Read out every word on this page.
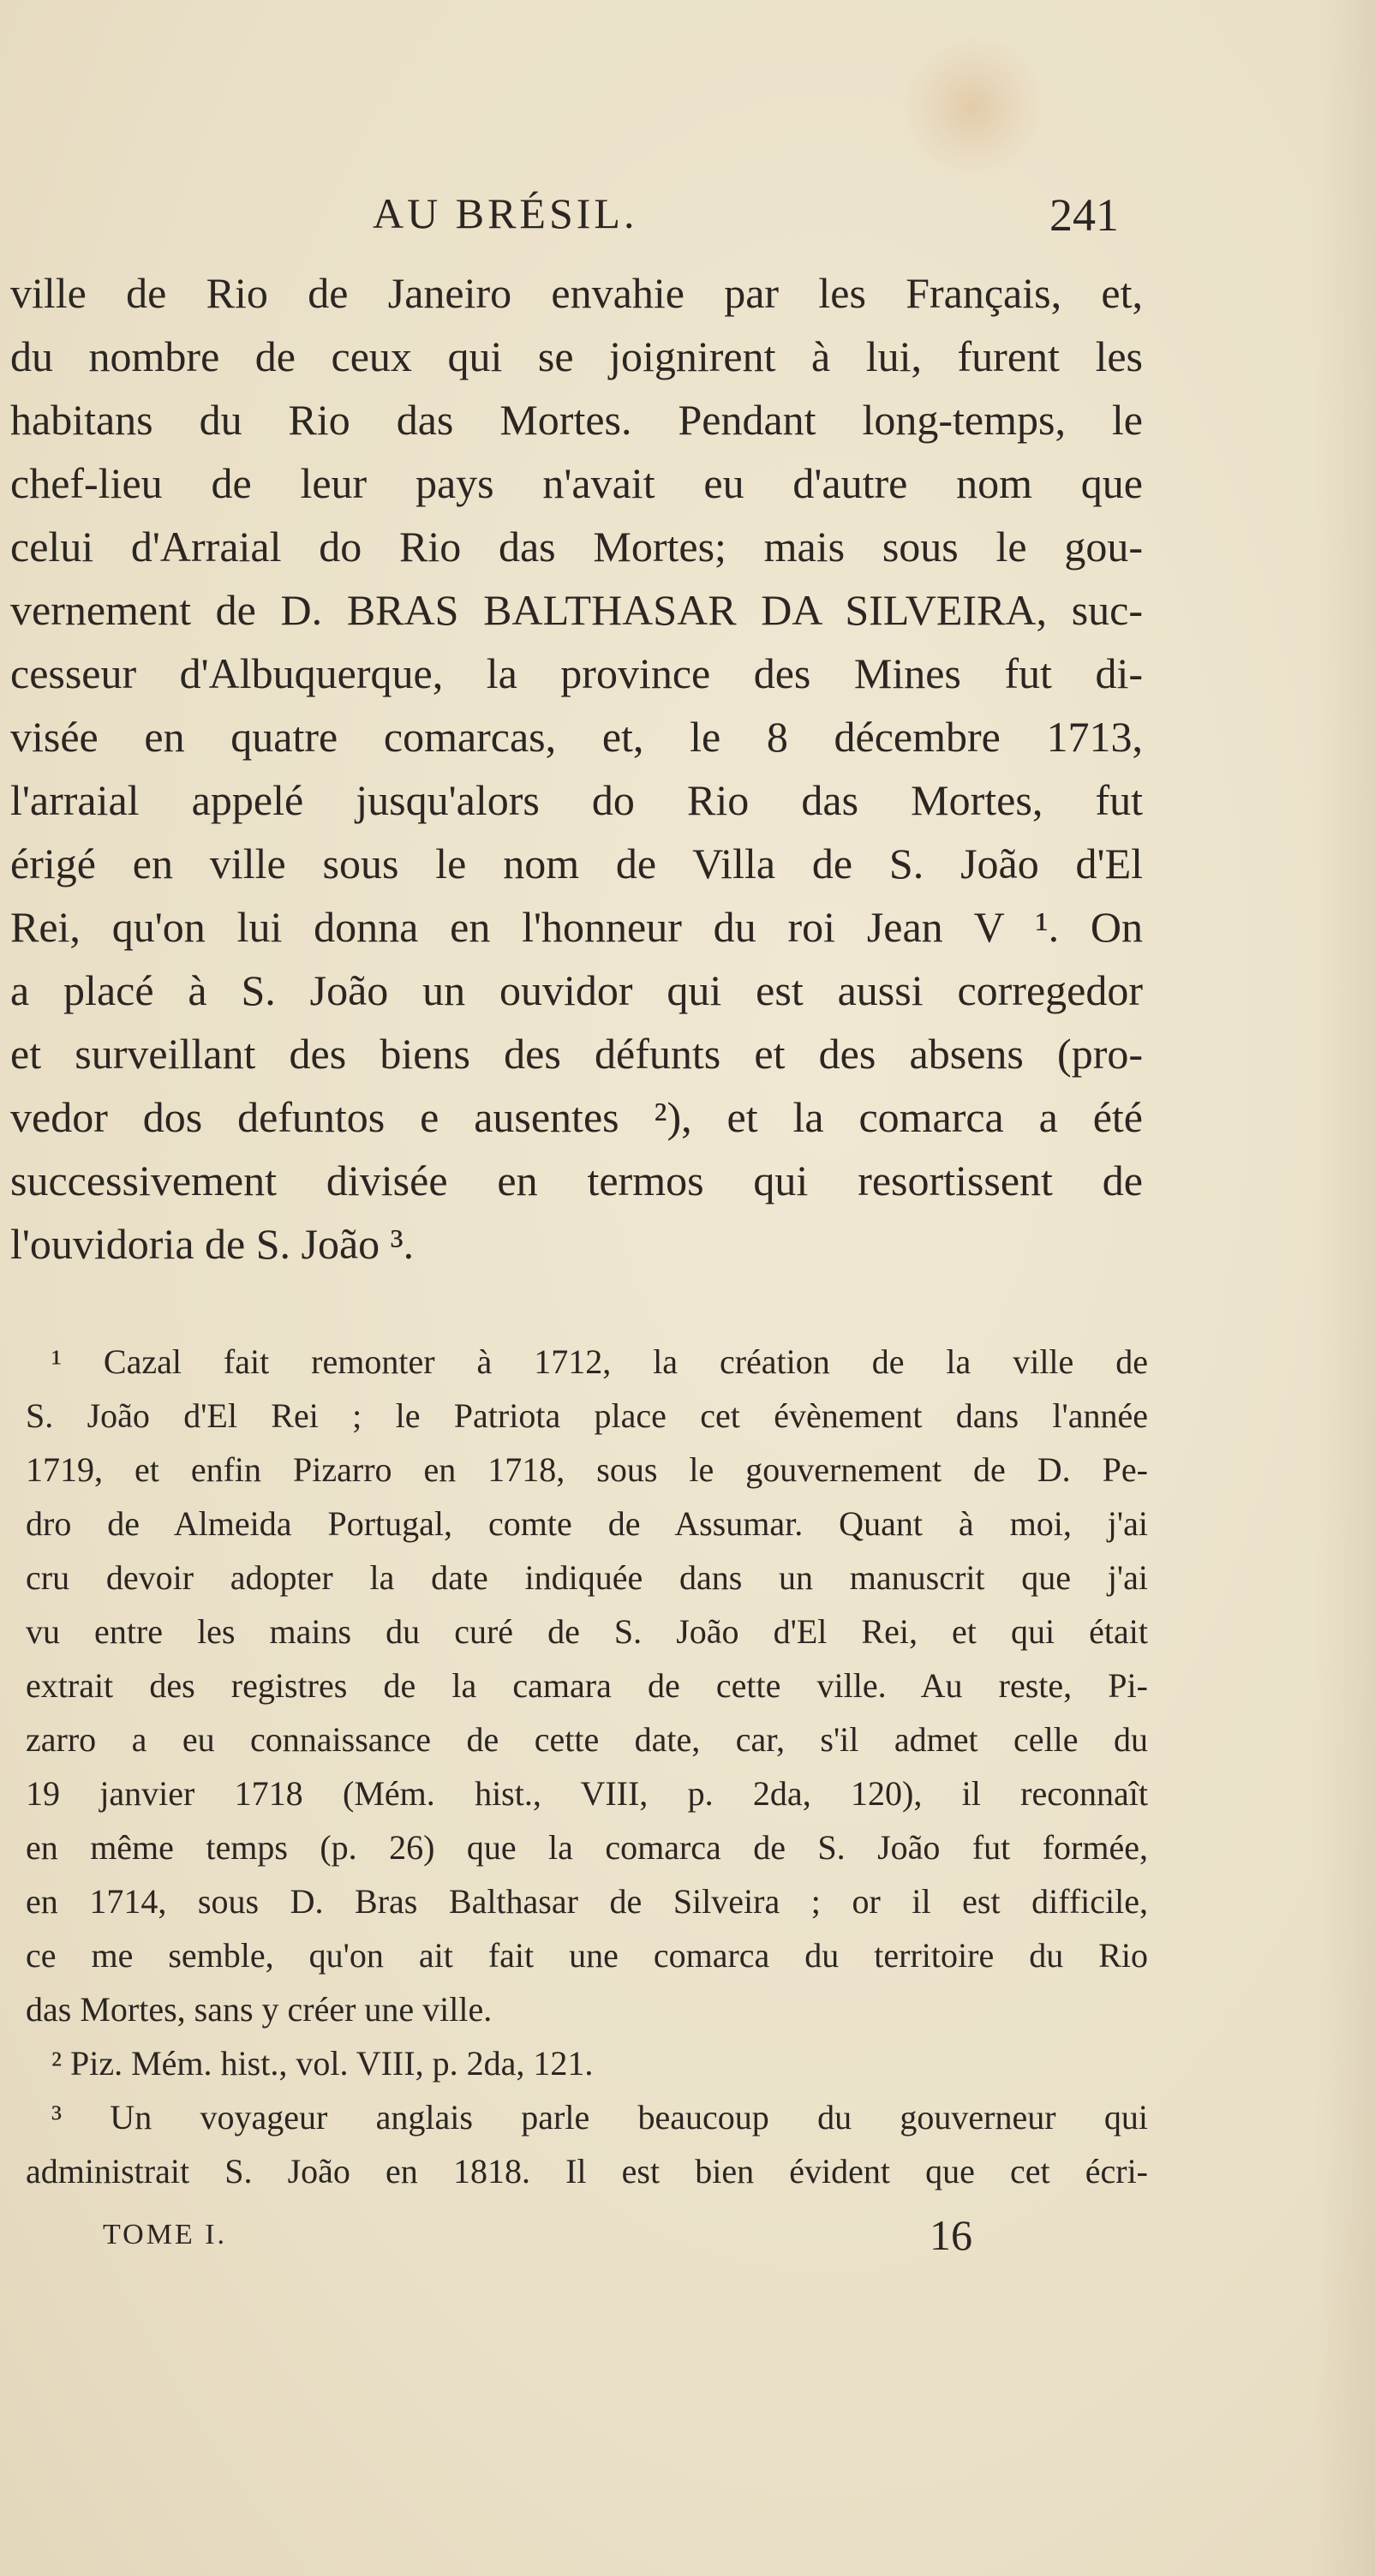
AU BRÉSIL.	241
ville de Rio de Janeiro envahie par les Français, et,
du nombre de ceux qui se joignirent à lui, furent les
habitans du Rio das Mortes. Pendant long-temps, le
chef-lieu de leur pays n'avait eu d'autre nom que
celui d'Arraial do Rio das Mortes; mais sous le gou-
vernement de D. BRAS BALTHASAR DA SILVEIRA, suc-
cesseur d'Albuquerque, la province des Mines fut di-
visée en quatre comarcas, et, le 8 décembre 1713,
l'arraial appelé jusqu'alors do Rio das Mortes, fut
érigé en ville sous le nom de Villa de S. João d'El
Rei, qu'on lui donna en l'honneur du roi Jean V ¹. On
a placé à S. João un ouvidor qui est aussi corregedor
et surveillant des biens des défunts et des absens (pro-
vedor dos defuntos e ausentes ²), et la comarca a été
successivement divisée en termos qui resortissent de
l'ouvidoria de S. João ³.
¹ Cazal fait remonter à 1712, la création de la ville de
S. João d'El Rei ; le Patriota place cet évènement dans l'année
1719, et enfin Pizarro en 1718, sous le gouvernement de D. Pe-
dro de Almeida Portugal, comte de Assumar. Quant à moi, j'ai
cru devoir adopter la date indiquée dans un manuscrit que j'ai
vu entre les mains du curé de S. João d'El Rei, et qui était
extrait des registres de la camara de cette ville. Au reste, Pi-
zarro a eu connaissance de cette date, car, s'il admet celle du
19 janvier 1718 (Mém. hist., VIII, p. 2da, 120), il reconnaît
en même temps (p. 26) que la comarca de S. João fut formée,
en 1714, sous D. Bras Balthasar de Silveira ; or il est difficile,
ce me semble, qu'on ait fait une comarca du territoire du Rio
das Mortes, sans y créer une ville.
² Piz. Mém. hist., vol. VIII, p. 2da, 121.
³ Un voyageur anglais parle beaucoup du gouverneur qui
administrait S. João en 1818. Il est bien évident que cet écri-
TOME I.	16
